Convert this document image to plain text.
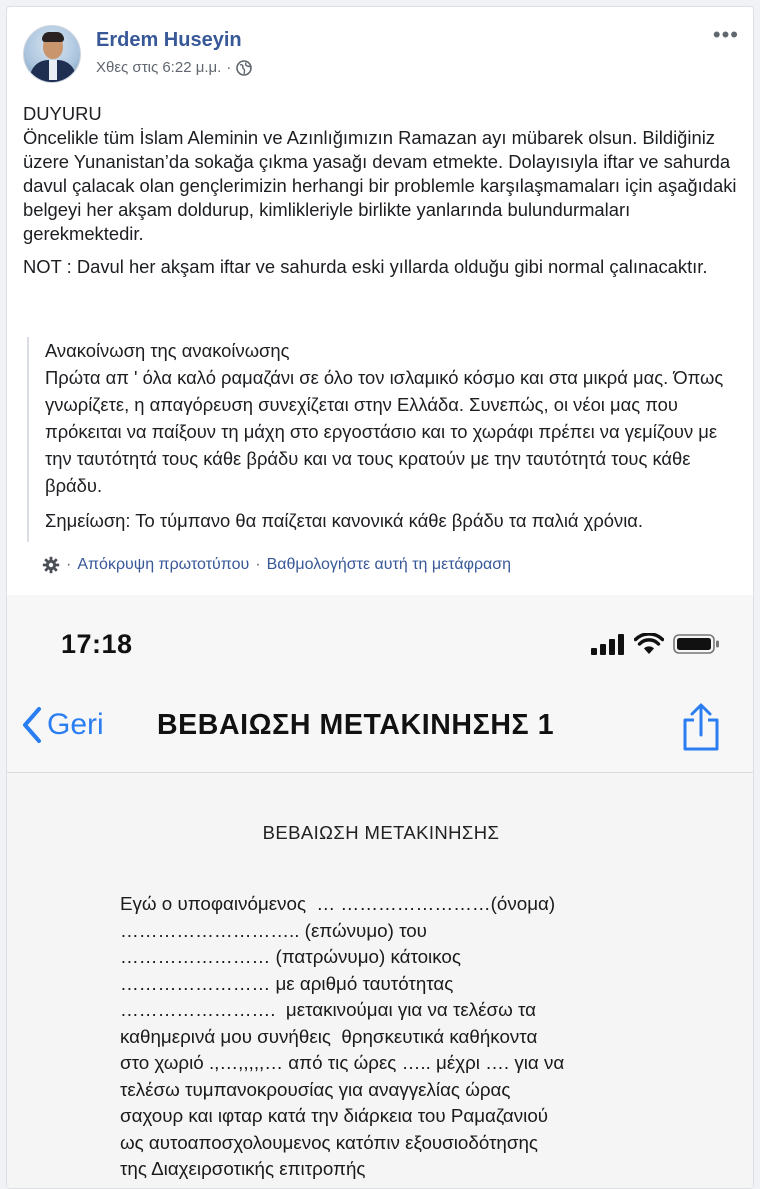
Erdem Huseyin
Χθες στις 6:22 μ.μ. ·
•••

DUYURU
Öncelikle tüm İslam Aleminin ve Azınlığımızın Ramazan ayı mübarek olsun. Bildiğiniz üzere Yunanistan’da sokağa çıkma yasağı devam etmekte. Dolayısıyla iftar ve sahurda davul çalacak olan gençlerimizin herhangi bir problemle karşılaşmamaları için aşağıdaki belgeyi her akşam doldurup, kimlikleriyle birlikte yanlarında bulundurmaları gerekmektedir.

NOT : Davul her akşam iftar ve sahurda eski yıllarda olduğu gibi normal çalınacaktır.

Ανακοίνωση της ανακοίνωσης
Πρώτα απ ' όλα καλό ραμαζάνι σε όλο τον ισλαμικό κόσμο και στα μικρά μας. Όπως γνωρίζετε, η απαγόρευση συνεχίζεται στην Ελλάδα. Συνεπώς, οι νέοι μας που πρόκειται να παίξουν τη μάχη στο εργοστάσιο και το χωράφι πρέπει να γεμίζουν με την ταυτότητά τους κάθε βράδυ και να τους κρατούν με την ταυτότητά τους κάθε βράδυ.

Σημείωση: Το τύμπανο θα παίζεται κανονικά κάθε βράδυ τα παλιά χρόνια.

· Απόκρυψη πρωτοτύπου · Βαθμολογήστε αυτή τη μετάφραση
17:18
Geri ΒΕΒΑΙΩΣΗ ΜΕΤΑΚΙΝΗΣΗΣ 1
ΒΕΒΑΙΩΣΗ ΜΕΤΑΚΙΝΗΣΗΣ
Εγώ ο υποφαινόμενος  … ……………………(όνομα)
……………………….. (επώνυμο) του
…………………… (πατρώνυμο) κάτοικος
…………………… με αριθμό ταυτότητας
…………………….  μετακινούμαι για να τελέσω τα
καθημερινά μου συνήθεις  θρησκευτικά καθήκοντα
στο χωριό .,…,,,,,… από τις ώρες ….. μέχρι …. για να
τελέσω τυμπανοκρουσίας για αναγγελίας ώρας
σαχουρ και ιφταρ κατά την διάρκεια του Ραμαζανιού
ως αυτοαποσχολουμενος κατόπιν εξουσιοδότησης
της Διαχειρσοτικής επιτροπής
